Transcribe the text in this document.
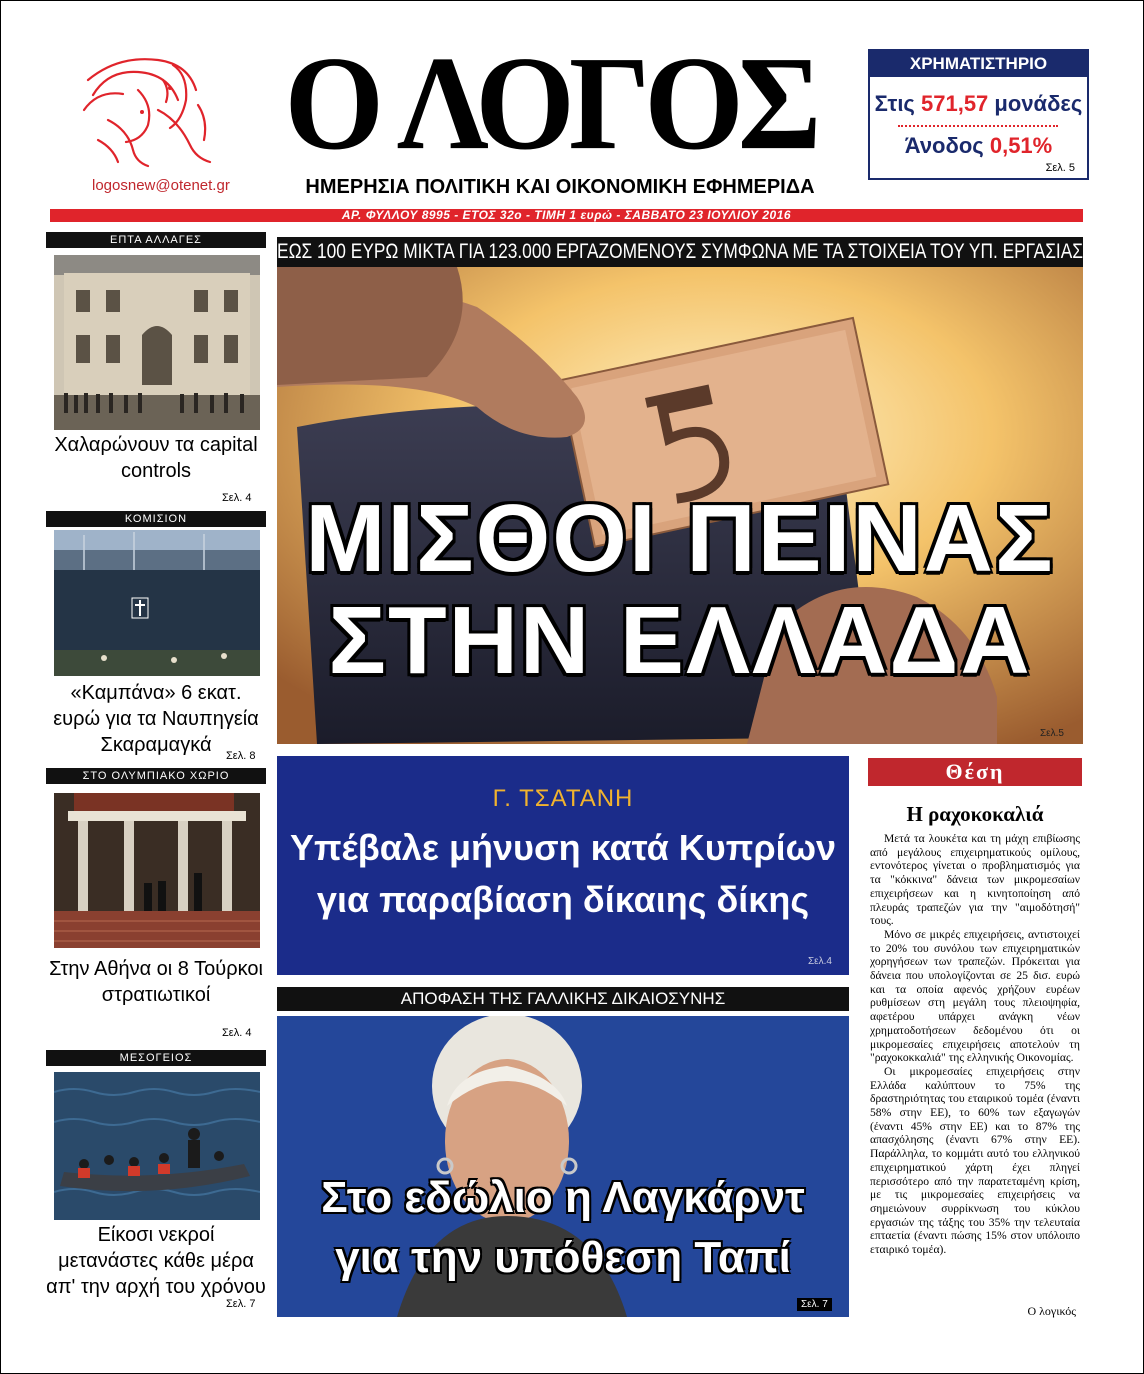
logosnew@otenet.gr
Ο ΛΟΓΟΣ
ΗΜΕΡΗΣΙΑ ΠΟΛΙΤΙΚΗ ΚΑΙ ΟΙΚΟΝΟΜΙΚΗ ΕΦΗΜΕΡΙΔΑ
ΧΡΗΜΑΤΙΣΤΗΡΙΟ
Στις 571,57 μονάδες
Άνοδος 0,51%
Σελ. 5
ΑΡ. ΦΥΛΛΟΥ 8995 - ΕΤΟΣ 32ο - ΤΙΜΗ 1 ευρώ - ΣΑΒΒΑΤΟ 23 ΙΟΥΛΙΟΥ 2016
ΕΠΤΑ ΑΛΛΑΓΕΣ
Χαλαρώνουν τα capital controls
Σελ. 4
ΚΟΜΙΣΙΟΝ
«Καμπάνα» 6 εκατ. ευρώ για τα Ναυπηγεία Σκαραμαγκά	Σελ. 8
ΣΤΟ ΟΛΥΜΠΙΑΚΟ ΧΩΡΙΟ
Στην Αθήνα οι 8 Τούρκοι στρατιωτικοί
Σελ. 4
ΜΕΣΟΓΕΙΟΣ
Είκοσι νεκροί μετανάστες κάθε μέρα απ' την αρχή του χρόνου
Σελ. 7
ΕΩΣ 100 ΕΥΡΩ ΜΙΚΤΑ ΓΙΑ 123.000 ΕΡΓΑΖΟΜΕΝΟΥΣ ΣΥΜΦΩΝΑ ΜΕ ΤΑ ΣΤΟΙΧΕΙΑ ΤΟΥ ΥΠ. ΕΡΓΑΣΙΑΣ
ΜΙΣΘΟΙ ΠΕΙΝΑΣ
ΣΤΗΝ ΕΛΛΑΔΑ
Σελ.5
Γ. ΤΣΑΤΑΝΗ
Υπέβαλε μήνυση κατά Κυπρίων
για παραβίαση δίκαιης δίκης
Σελ.4
ΑΠΟΦΑΣΗ ΤΗΣ ΓΑΛΛΙΚΗΣ ΔΙΚΑΙΟΣΥΝΗΣ
Στο εδώλιο η Λαγκάρντ
για την υπόθεση Ταπί
Σελ. 7
Θέση
Η ραχοκοκαλιά

Μετά τα λουκέτα και τη μάχη επιβίωσης από μεγάλους επιχειρηματικούς ομίλους, εντονότερος γίνεται ο προβληματισμός για τα "κόκκινα" δάνεια των μικρομεσαίων επιχειρήσεων και η κινητοποίηση από πλευράς τραπεζών για την "αιμοδότησή" τους.

Μόνο σε μικρές επιχειρήσεις, αντιστοιχεί το 20% του συνόλου των επιχειρηματικών χορηγήσεων των τραπεζών. Πρόκειται για δάνεια που υπολογίζονται σε 25 δισ. ευρώ και τα οποία αφενός χρήζουν ευρέων ρυθμίσεων στη μεγάλη τους πλειοψηφία, αφετέρου υπάρχει ανάγκη νέων χρηματοδοτήσεων δεδομένου ότι οι μικρομεσαίες επιχειρήσεις αποτελούν τη "ραχοκοκκαλιά" της ελληνικής Οικονομίας.

Οι μικρομεσαίες επιχειρήσεις στην Ελλάδα καλύπτουν το 75% της δραστηριότητας του εταιρικού τομέα (έναντι 58% στην ΕΕ), το 60% των εξαγωγών (έναντι 45% στην ΕΕ) και το 87% της απασχόλησης (έναντι 67% στην ΕΕ). Παράλληλα, το κομμάτι αυτό του ελληνικού επιχειρηματικού χάρτη έχει πληγεί περισσότερο από την παρατεταμένη κρίση, με τις μικρομεσαίες επιχειρήσεις να σημειώνουν συρρίκνωση του κύκλου εργασιών της τάξης του 35% την τελευταία επταετία (έναντι πώσης 15% στον υπόλοιπο εταιρικό τομέα).

Ο λογικός
